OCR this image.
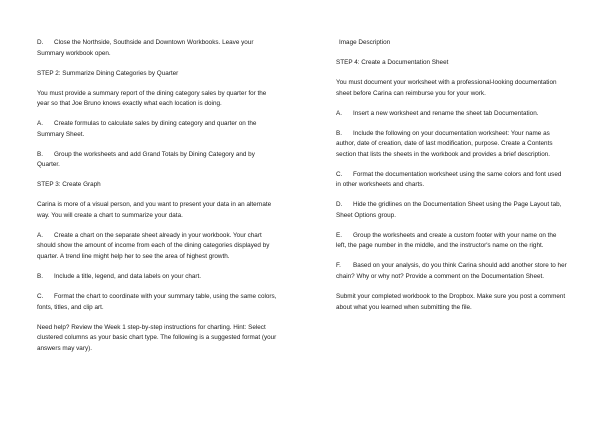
D. Close the Northside, Southside and Downtown Workbooks. Leave your Summary workbook open.

STEP 2: Summarize Dining Categories by Quarter

You must provide a summary report of the dining category sales by quarter for the year so that Joe Bruno knows exactly what each location is doing.

A. Create formulas to calculate sales by dining category and quarter on the Summary Sheet.

B. Group the worksheets and add Grand Totals by Dining Category and by Quarter.

STEP 3: Create Graph

Carina is more of a visual person, and you want to present your data in an alternate way. You will create a chart to summarize your data.

A. Create a chart on the separate sheet already in your workbook. Your chart should show the amount of income from each of the dining categories displayed by quarter. A trend line might help her to see the area of highest growth.

B. Include a title, legend, and data labels on your chart.

C. Format the chart to coordinate with your summary table, using the same colors, fonts, titles, and clip art.

Need help? Review the Week 1 step-by-step instructions for charting. Hint: Select clustered columns as your basic chart type. The following is a suggested format (your answers may vary).

Image Description

STEP 4: Create a Documentation Sheet

You must document your worksheet with a professional-looking documentation sheet before Carina can reimburse you for your work.

A. Insert a new worksheet and rename the sheet tab Documentation.

B. Include the following on your documentation worksheet: Your name as author, date of creation, date of last modification, purpose. Create a Contents section that lists the sheets in the workbook and provides a brief description.

C. Format the documentation worksheet using the same colors and font used in other worksheets and charts.

D. Hide the gridlines on the Documentation Sheet using the Page Layout tab, Sheet Options group.

E. Group the worksheets and create a custom footer with your name on the left, the page number in the middle, and the instructor's name on the right.

F. Based on your analysis, do you think Carina should add another store to her chain? Why or why not? Provide a comment on the Documentation Sheet.

Submit your completed workbook to the Dropbox. Make sure you post a comment about what you learned when submitting the file.
